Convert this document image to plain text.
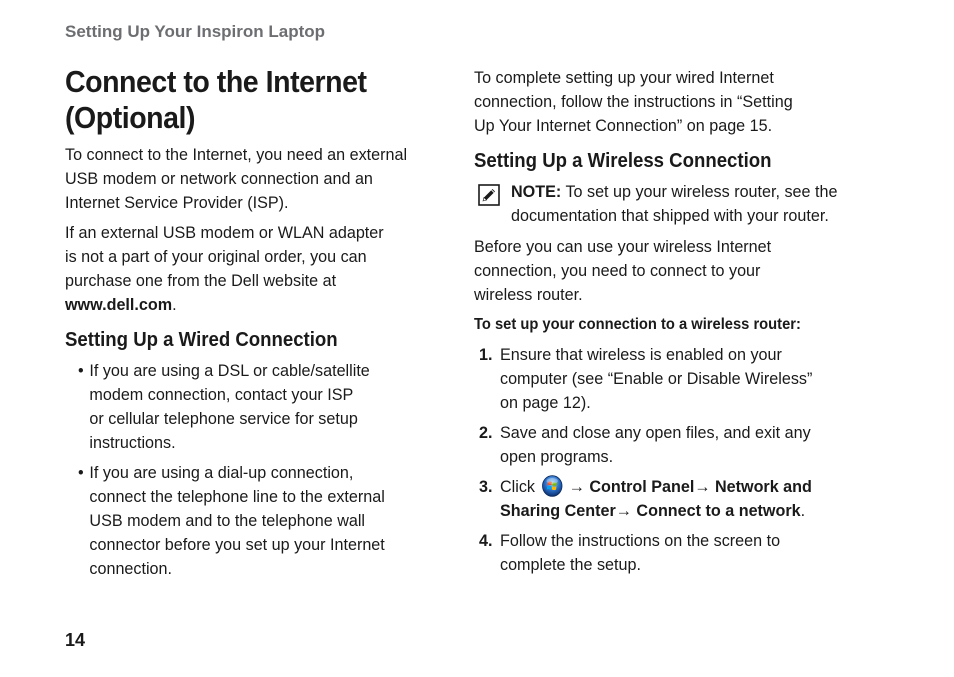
Setting Up Your Inspiron Laptop
Connect to the Internet
(Optional)

To connect to the Internet, you need an external
USB modem or network connection and an
Internet Service Provider (ISP).

If an external USB modem or WLAN adapter
is not a part of your original order, you can
purchase one from the Dell website at
www.dell.com.

Setting Up a Wired Connection
• If you are using a DSL or cable/satellite
modem connection, contact your ISP
or cellular telephone service for setup
instructions.
• If you are using a dial-up connection,
connect the telephone line to the external
USB modem and to the telephone wall
connector before you set up your Internet
connection.

To complete setting up your wired Internet
connection, follow the instructions in “Setting
Up Your Internet Connection” on page 15.

Setting Up a Wireless Connection

NOTE: To set up your wireless router, see the
documentation that shipped with your router.

Before you can use your wireless Internet
connection, you need to connect to your
wireless router.

To set up your connection to a wireless router:
1. Ensure that wireless is enabled on your
computer (see “Enable or Disable Wireless”
on page 12).
2. Save and close any open files, and exit any
open programs.
3. Click → Control Panel→ Network and
Sharing Center→ Connect to a network.
4. Follow the instructions on the screen to
complete the setup.
14
